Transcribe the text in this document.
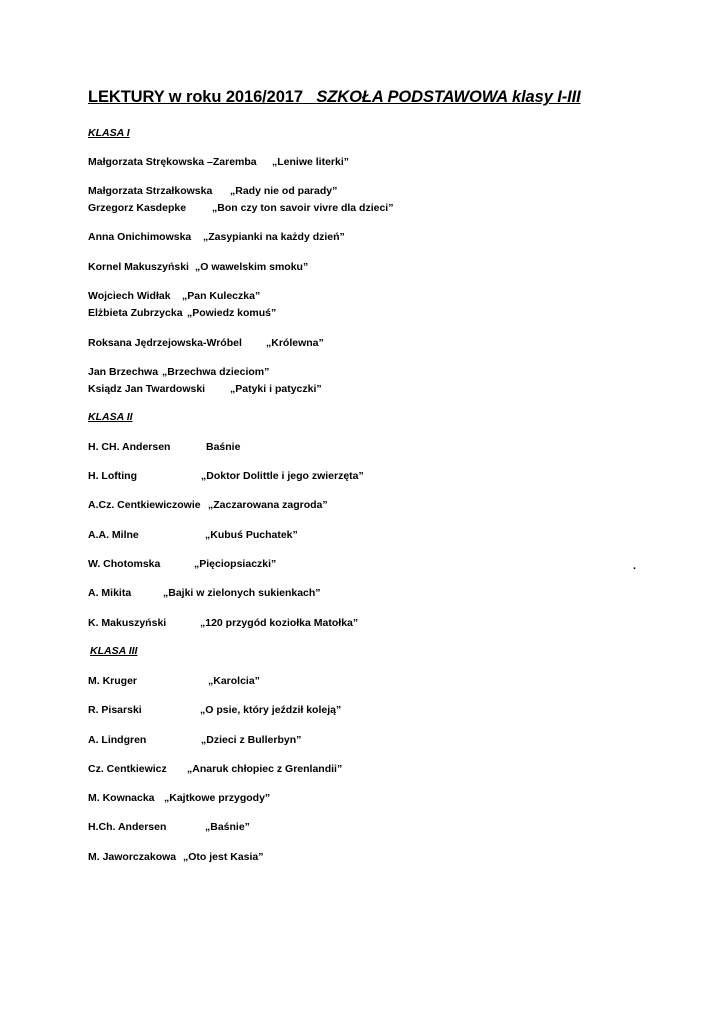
LEKTURY w roku 2016/2017 SZKOŁA PODSTAWOWA klasy I-III
KLASA I
Małgorzata Strękowska –Zaremba „Leniwe literki”
Małgorzata Strzałkowska „Rady nie od parady”
Grzegorz Kasdepke „Bon czy ton savoir vivre dla dzieci”
Anna Onichimowska „Zasypianki na każdy dzień”
Kornel Makuszyński „O wawelskim smoku”
Wojciech Widłak „Pan Kuleczka”
Elżbieta Zubrzycka „Powiedz komuś”
Roksana Jędrzejowska-Wróbel „Królewna”
Jan Brzechwa „Brzechwa dzieciom”
Ksiądz Jan Twardowski „Patyki i patyczki”
KLASA II
H. CH. Andersen	Baśnie
H. Lofting	„Doktor Dolittle i jego zwierzęta”
A.Cz. Centkiewiczowie „Zaczarowana zagroda”
A.A. Milne	„Kubuś Puchatek”
W. Chotomska	„Pięciopsiaczki”	.
A. Mikita	„Bajki w zielonych sukienkach”
K. Makuszyński	„120 przygód koziołka Matołka”
KLASA III
M. Kruger	„Karolcia”
R. Pisarski	„O psie, który jeździł koleją”
A. Lindgren	„Dzieci z Bullerbyn”
Cz. Centkiewicz „Anaruk chłopiec z Grenlandii”
M. Kownacka „Kajtkowe przygody”
H.Ch. Andersen	„Baśnie”
M. Jaworczakowa „Oto jest Kasia”
